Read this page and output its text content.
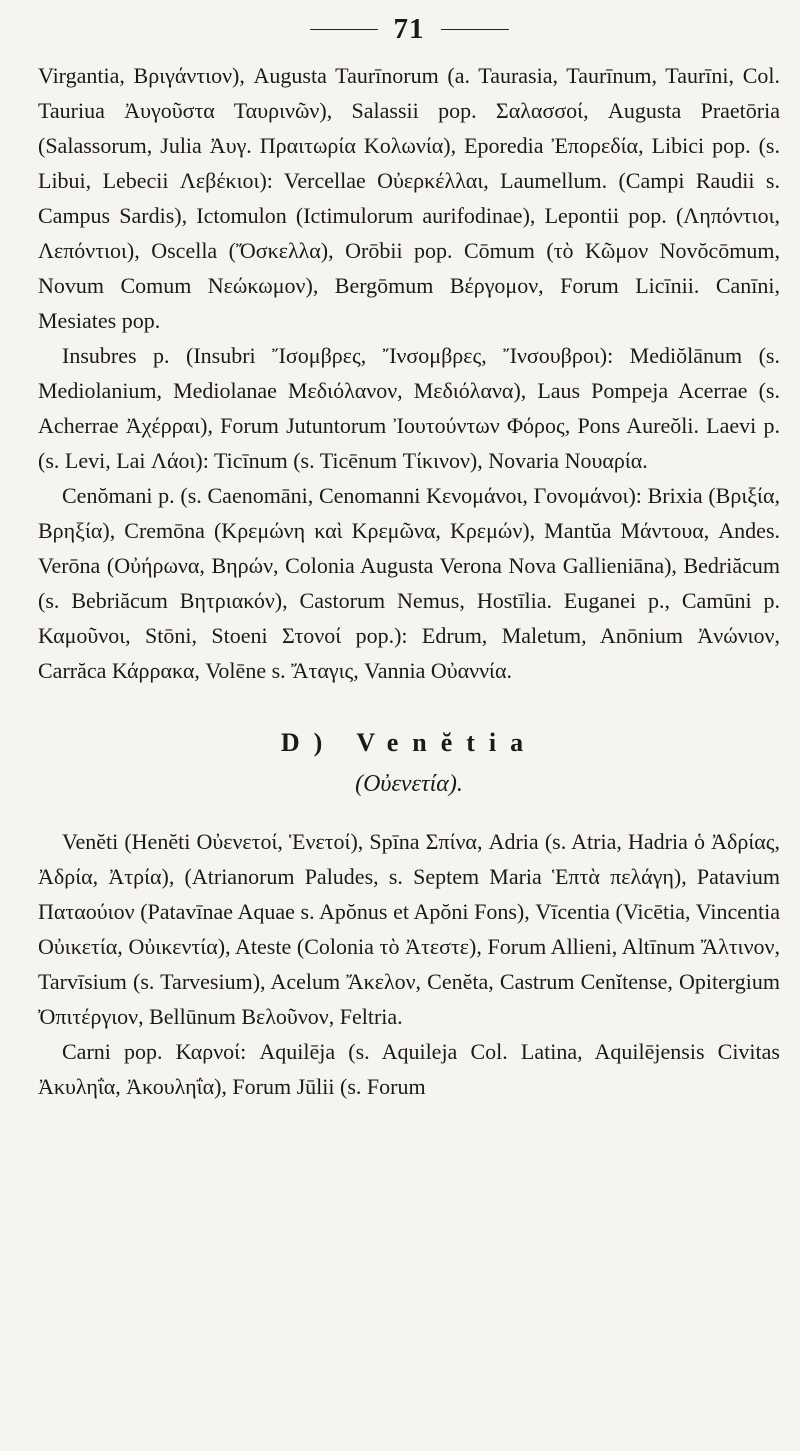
71

Virgantia, Βριγάντιον), Augusta Taurīnorum (a. Taurasia, Taurīnum, Taurīni, Col. Tauriua Ἀυγοῦστα Ταυρινῶν), Salassii pop. Σαλασσοί, Augusta Praetōria (Salassorum, Julia Ἀυγ. Πραιτωρία Κολωνία), Eporedia Ἐπορεδία, Libici pop. (s. Libui, Lebecii Λεβέκιοι): Vercellae Οὐερκέλλαι, Laumellum. (Campi Raudii s. Campus Sardis), Ictomulon (Ictimulorum aurifodinae), Lepontii pop. (Ληπόντιοι, Λεπόντιοι), Oscella (Ὄσκελλα), Orōbii pop. Cōmum (τὸ Κῶμον Novŏcōmum, Novum Comum Νεώκωμον), Bergōmum Βέργομον, Forum Licīnii. Canīni, Mesiates pop.

Insubres p. (Insubri Ἴσομβρες, Ἴνσομβρες, Ἴνσουβροι): Mediŏlānum (s. Mediolanium, Mediolanae Μεδιόλανον, Μεδιόλανα), Laus Pompeja Acerrae (s. Acherrae Ἀχέρραι), Forum Jutuntorum Ἰουτούντων Φόρος, Pons Aureŏli. Laevi p. (s. Levi, Lai Λάοι): Ticīnum (s. Ticēnum Τίκινον), Novaria Νουαρία.

Cenŏmani p. (s. Caenomāni, Cenomanni Κενομάνοι, Γονομάνοι): Brixia (Βριξία, Βρηξία), Cremōna (Κρεμώνη καὶ Κρεμῶνα, Κρεμών), Mantŭa Μάντουα, Andes. Verōna (Οὐήρωνα, Βηρών, Colonia Augusta Verona Nova Gallieniāna), Bedriăcum (s. Bebriăcum Βητριακόν), Castorum Nemus, Hostīlia. Euganei p., Camūni p. Καμοῦνοι, Stōni, Stoeni Στονοί pop.): Edrum, Maletum, Anōnium Ἀνώνιον, Carrăca Κάρρακα, Volēne s. Ἄταγις, Vannia Οὐαννία.

D) Venĕtia
(Οὐενετία).

Venĕti (Henĕti Οὐενετοί, Ἑνετοί), Spīna Σπίνα, Adria (s. Atria, Hadria ὁ Ἀδρίας, Ἀδρία, Ἀτρία), (Atrianorum Paludes, s. Septem Maria Ἑπτὰ πελάγη), Patavium Παταούιον (Patavīnae Aquae s. Apŏnus et Apŏni Fons), Vīcentia (Vicētia, Vincentia Οὐικετία, Οὐικεντία), Ateste (Colonia τὸ Ἀτεστε), Forum Allieni, Altīnum Ἄλτινον, Tarvīsium (s. Tarvesium), Acelum Ἄκελον, Cenĕta, Castrum Cenĭtense, Opitergium Ὀπιτέργιον, Bellūnum Βελοῦνον, Feltria.

Carni pop. Καρνοί: Aquilēja (s. Aquileja Col. Latina, Aquilējensis Civitas Ἀκυληΐα, Ἀκουληΐα), Forum Jūlii (s. Forum
